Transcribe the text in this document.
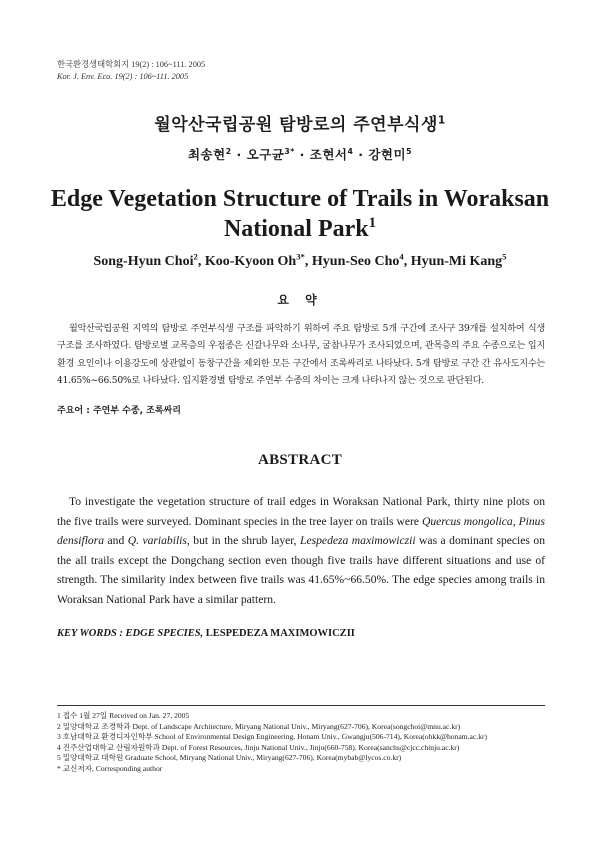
한국환경생태학회지 19(2) : 106~111. 2005
Kor. J. Env. Eco. 19(2) : 106~111. 2005
월악산국립공원 탐방로의 주연부식생$^1$
최송현$^2$ · 오구균$^{3*}$ · 조현서$^4$ · 강현미$^5$
Edge Vegetation Structure of Trails in Woraksan National Park$^1$
Song-Hyun Choi$^2$, Koo-Kyoon $Oh^{3*}$, Hyun-Seo Cho$^4$, Hyun-Mi Kang$^5$
요 약
월악산국립공원 지역의 탐방로 주연부식생 구조를 파악하기 위하여 주요 탐방로 5개 구간에 조사구 39개를 설치하여 식생 구조를 조사하였다. 탐방로별 교목층의 우점종은 신갈나무와 소나무, 굴참나무가 조사되었으며, 관목층의 주요 수종으로는 입지환경 요인이나 이용강도에 상관없이 동창구간을 제외한 모든 구간에서 조록싸리로 나타났다. 5개 탐방로 구간 간 유사도지수는 41.65%~66.50%로 나타났다. 입지환경별 탐방로 주연부 수종의 차이는 크게 나타나지 않는 것으로 판단된다.
주요어 : 주연부 수종, 조록싸리
ABSTRACT
To investigate the vegetation structure of trail edges in Woraksan National Park, thirty nine plots on the five trails were surveyed. Dominant species in the tree layer on trails were Quercus mongolica, Pinus densiflora and Q. variabilis, but in the shrub layer, Lespedeza maximowiczii was a dominant species on the all trails except the Dongchang section even though five trails have different situations and use of strength. The similarity index between five trails was 41.65%~66.50%. The edge species among trails in Woraksan National Park have a similar pattern.
KEY WORDS : EDGE SPECIES, LESPEDEZA MAXIMOWICZII
1 접수 1월 27일 Received on Jan. 27, 2005
2 밀양대학교 조경학과 Dept. of Landscape Architecture, Miryang National Univ., Miryang(627-706), Korea(songchoi@mnu.ac.kr)
3 호남대학교 환경디자인학부 School of Environmental Design Engineering, Honam Univ., Gwangju(506-714), Korea(ohkk@honam.ac.kr)
4 진주산업대학교 산림자원학과 Dept. of Forest Resources, Jinju National Univ., Jinju(660-758). Korea(sanchs@cjcc.chinju.ac.kr)
5 밀양대학교 대학원 Graduate School, Miryang National Univ., Miryang(627-706), Korea(mybab@lycos.co.kr)
* 교신저자, Corresponding author
